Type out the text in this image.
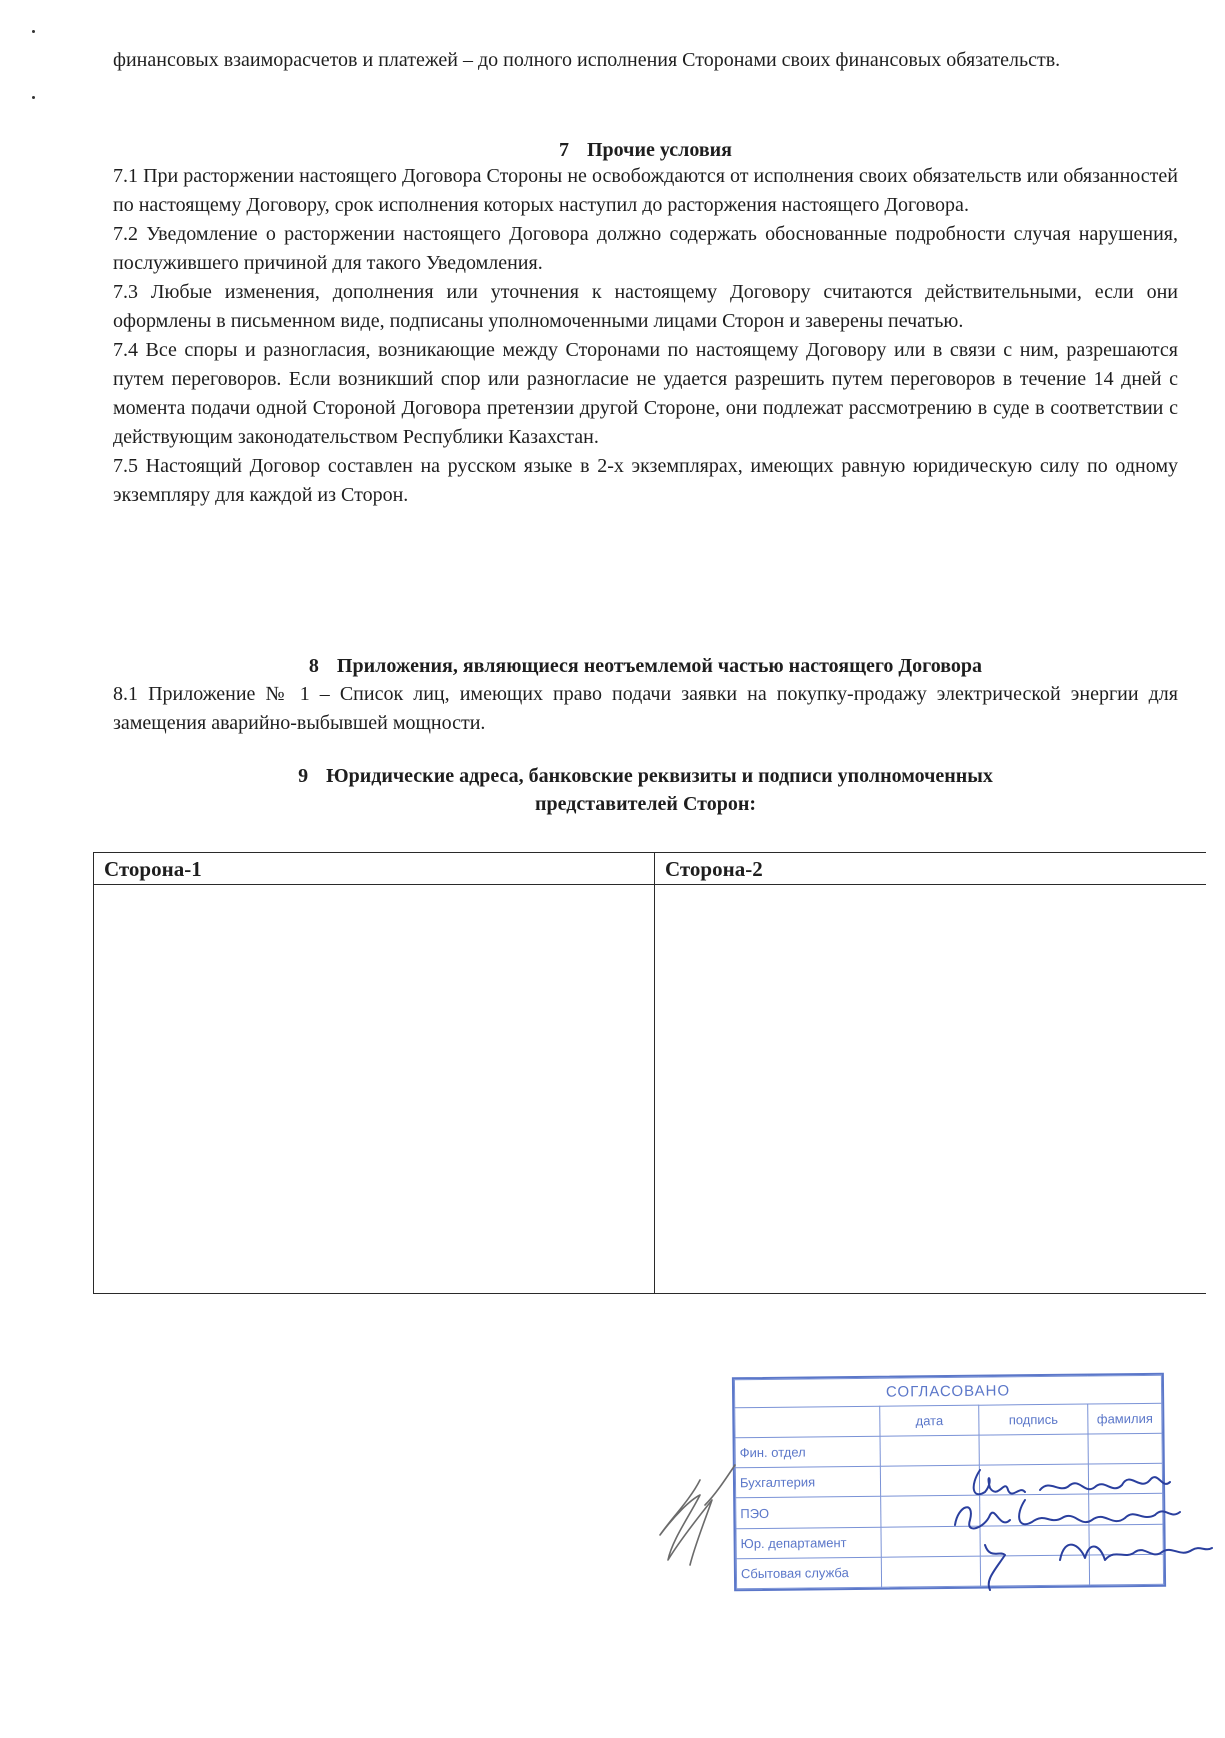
финансовых взаиморасчетов и платежей – до полного исполнения Сторонами своих финансовых обязательств.

7 Прочие условия

7.1 При расторжении настоящего Договора Стороны не освобождаются от исполнения своих обязательств или обязанностей по настоящему Договору, срок исполнения которых наступил до расторжения настоящего Договора.

7.2 Уведомление о расторжении настоящего Договора должно содержать обоснованные подробности случая нарушения, послужившего причиной для такого Уведомления.

7.3 Любые изменения, дополнения или уточнения к настоящему Договору считаются действительными, если они оформлены в письменном виде, подписаны уполномоченными лицами Сторон и заверены печатью.

7.4 Все споры и разногласия, возникающие между Сторонами по настоящему Договору или в связи с ним, разрешаются путем переговоров. Если возникший спор или разногласие не удается разрешить путем переговоров в течение 14 дней с момента подачи одной Стороной Договора претензии другой Стороне, они подлежат рассмотрению в суде в соответствии с действующим законодательством Республики Казахстан.

7.5 Настоящий Договор составлен на русском языке в 2-х экземплярах, имеющих равную юридическую силу по одному экземпляру для каждой из Сторон.

8 Приложения, являющиеся неотъемлемой частью настоящего Договора

8.1 Приложение № 1 – Список лиц, имеющих право подачи заявки на покупку-продажу электрической энергии для замещения аварийно-выбывшей мощности.

9 Юридические адреса, банковские реквизиты и подписи уполномоченных
представителей Сторон:
Сторона-1	Сторона-2
СОГЛАСОВАНО			
	дата	подпись	фамилия
Фин. отдел			
Бухгалтерия			
ПЭО			
Юр. департамент			
Сбытовая служба			
